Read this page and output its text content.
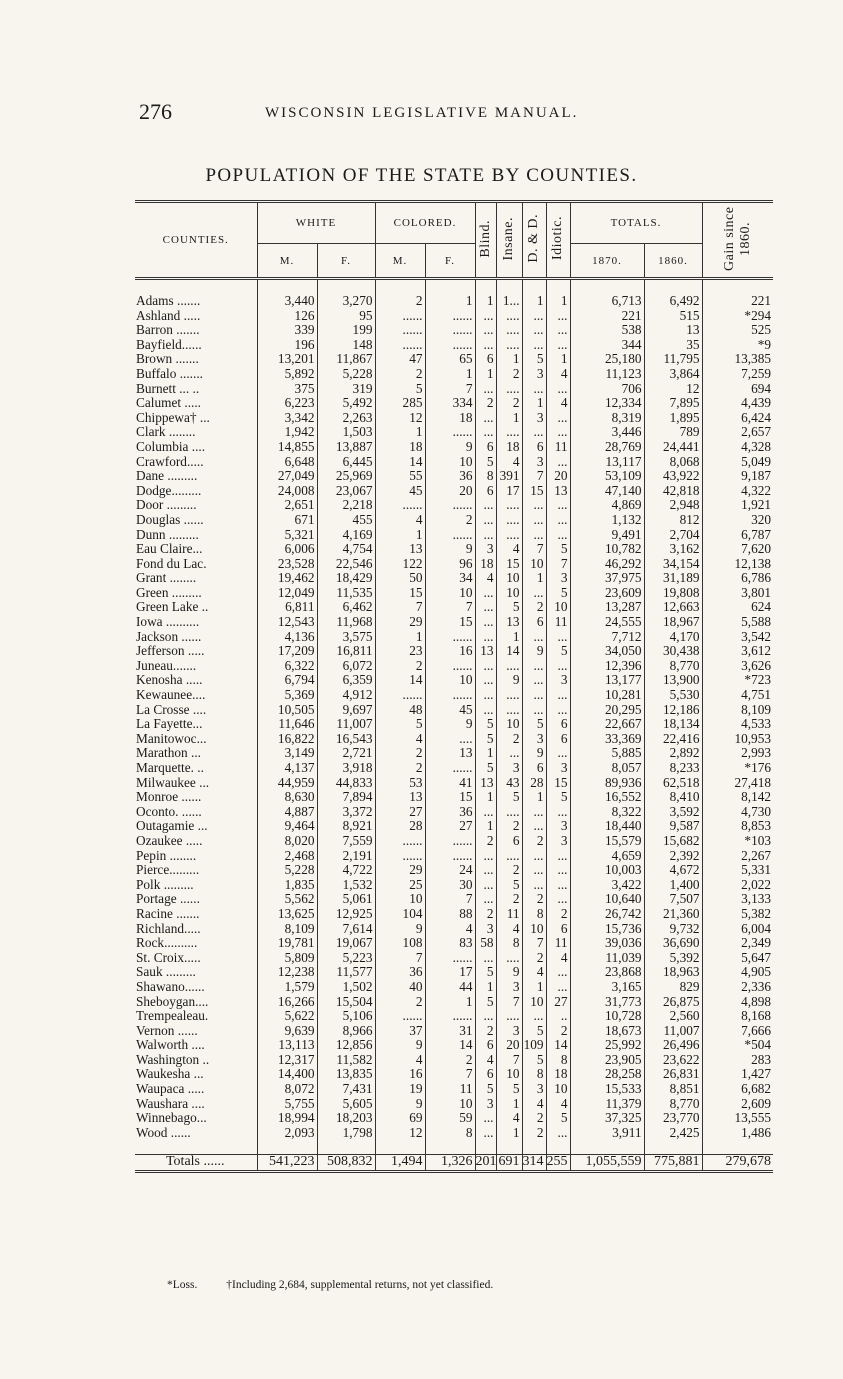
276	WISCONSIN LEGISLATIVE MANUAL.
POPULATION OF THE STATE BY COUNTIES.
COUNTIES.	WHITE		COLORED.		Blind.	Insane.	D. & D.	Idiotic.	TOTALS.		Gain since 1860.
	M.	F.	M.	F.					1870.	1860.	

Adams .......	3,440	3,270	2	1	1	1...	1	1	6,713	6,492	221
Ashland .....	126	95	......	......	...	....	...	...	221	515	*294
Barron .......	339	199	......	......	...	....	...	...	538	13	525
Bayfield......	196	148	......	......	...	....	...	...	344	35	*9
Brown .......	13,201	11,867	47	65	6	1	5	1	25,180	11,795	13,385
Buffalo .......	5,892	5,228	2	1	1	2	3	4	11,123	3,864	7,259
Burnett ... ..	375	319	5	7	...	....	...	...	706	12	694
Calumet .....	6,223	5,492	285	334	2	2	1	4	12,334	7,895	4,439
Chippewa† ...	3,342	2,263	12	18	...	1	3	...	8,319	1,895	6,424
Clark ........	1,942	1,503	1	......	...	....	...	...	3,446	789	2,657
Columbia ....	14,855	13,887	18	9	6	18	6	11	28,769	24,441	4,328
Crawford.....	6,648	6,445	14	10	5	4	3	...	13,117	8,068	5,049
Dane .........	27,049	25,969	55	36	8	391	7	20	53,109	43,922	9,187
Dodge.........	24,008	23,067	45	20	6	17	15	13	47,140	42,818	4,322
Door .........	2,651	2,218	......	......	...	....	...	...	4,869	2,948	1,921
Douglas ......	671	455	4	2	...	....	...	...	1,132	812	320
Dunn .........	5,321	4,169	1	......	...	....	...	...	9,491	2,704	6,787
Eau Claire...	6,006	4,754	13	9	3	4	7	5	10,782	3,162	7,620
Fond du Lac.	23,528	22,546	122	96	18	15	10	7	46,292	34,154	12,138
Grant ........	19,462	18,429	50	34	4	10	1	3	37,975	31,189	6,786
Green .........	12,049	11,535	15	10	...	10	...	5	23,609	19,808	3,801
Green Lake ..	6,811	6,462	7	7	...	5	2	10	13,287	12,663	624
Iowa ..........	12,543	11,968	29	15	...	13	6	11	24,555	18,967	5,588
Jackson ......	4,136	3,575	1	......	...	1	...	...	7,712	4,170	3,542
Jefferson .....	17,209	16,811	23	16	13	14	9	5	34,050	30,438	3,612
Juneau.......	6,322	6,072	2	......	...	....	...	...	12,396	8,770	3,626
Kenosha .....	6,794	6,359	14	10	...	9	...	3	13,177	13,900	*723
Kewaunee....	5,369	4,912	......	......	...	....	...	...	10,281	5,530	4,751
La Crosse ....	10,505	9,697	48	45	...	....	...	...	20,295	12,186	8,109
La Fayette...	11,646	11,007	5	9	5	10	5	6	22,667	18,134	4,533
Manitowoc...	16,822	16,543	4	....	5	2	3	6	33,369	22,416	10,953
Marathon ...	3,149	2,721	2	13	1	...	9	...	5,885	2,892	2,993
Marquette. ..	4,137	3,918	2	......	5	3	6	3	8,057	8,233	*176
Milwaukee ...	44,959	44,833	53	41	13	43	28	15	89,936	62,518	27,418
Monroe ......	8,630	7,894	13	15	1	5	1	5	16,552	8,410	8,142
Oconto. ......	4,887	3,372	27	36	...	....	...	...	8,322	3,592	4,730
Outagamie ...	9,464	8,921	28	27	1	2	...	3	18,440	9,587	8,853
Ozaukee .....	8,020	7,559	......	......	2	6	2	3	15,579	15,682	*103
Pepin ........	2,468	2,191	......	......	...	....	...	...	4,659	2,392	2,267
Pierce.........	5,228	4,722	29	24	...	2	...	...	10,003	4,672	5,331
Polk .........	1,835	1,532	25	30	...	5	...	...	3,422	1,400	2,022
Portage ......	5,562	5,061	10	7	...	2	2	...	10,640	7,507	3,133
Racine .......	13,625	12,925	104	88	2	11	8	2	26,742	21,360	5,382
Richland.....	8,109	7,614	9	4	3	4	10	6	15,736	9,732	6,004
Rock..........	19,781	19,067	108	83	58	8	7	11	39,036	36,690	2,349
St. Croix.....	5,809	5,223	7	......	...	....	2	4	11,039	5,392	5,647
Sauk .........	12,238	11,577	36	17	5	9	4	...	23,868	18,963	4,905
Shawano......	1,579	1,502	40	44	1	3	1	...	3,165	829	2,336
Sheboygan....	16,266	15,504	2	1	5	7	10	27	31,773	26,875	4,898
Trempealeau.	5,622	5,106	......	......	...	....	...	..	10,728	2,560	8,168
Vernon ......	9,639	8,966	37	31	2	3	5	2	18,673	11,007	7,666
Walworth ....	13,113	12,856	9	14	6	20	109	14	25,992	26,496	*504
Washington ..	12,317	11,582	4	2	4	7	5	8	23,905	23,622	283
Waukesha ...	14,400	13,835	16	7	6	10	8	18	28,258	26,831	1,427
Waupaca .....	8,072	7,431	19	11	5	5	3	10	15,533	8,851	6,682
Waushara ....	5,755	5,605	9	10	3	1	4	4	11,379	8,770	2,609
Winnebago...	18,994	18,203	69	59	...	4	2	5	37,325	23,770	13,555
Wood ......	2,093	1,798	12	8	...	1	2	...	3,911	2,425	1,486

Totals ......	541,223	508,832	1,494	1,326	201	691	314	255	1,055,559	775,881	279,678
*Loss.	†Including 2,684, supplemental returns, not yet classified.
